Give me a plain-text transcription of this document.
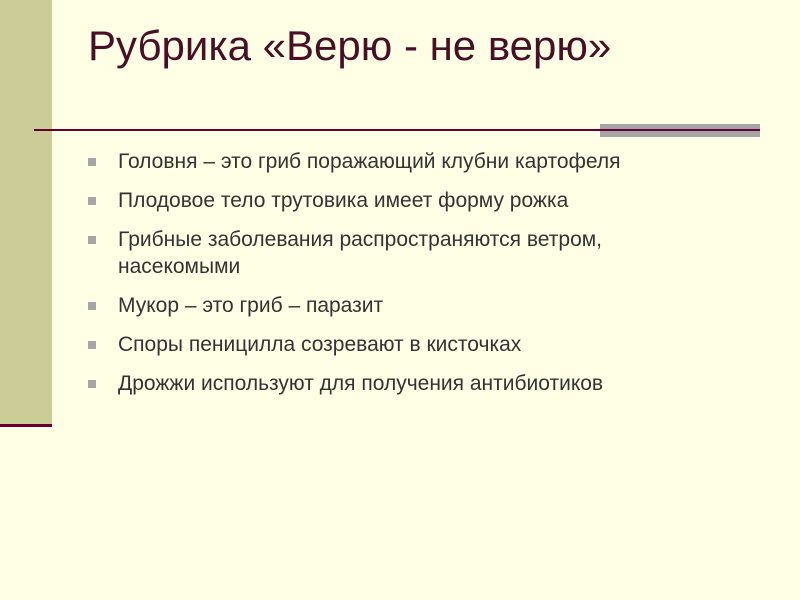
Рубрика «Верю - не верю»
Головня – это гриб поражающий клубни картофеля
Плодовое тело трутовика имеет форму рожка
Грибные заболевания распространяются ветром, насекомыми
Мукор – это гриб – паразит
Споры пеницилла созревают в кисточках
Дрожжи используют для получения антибиотиков
